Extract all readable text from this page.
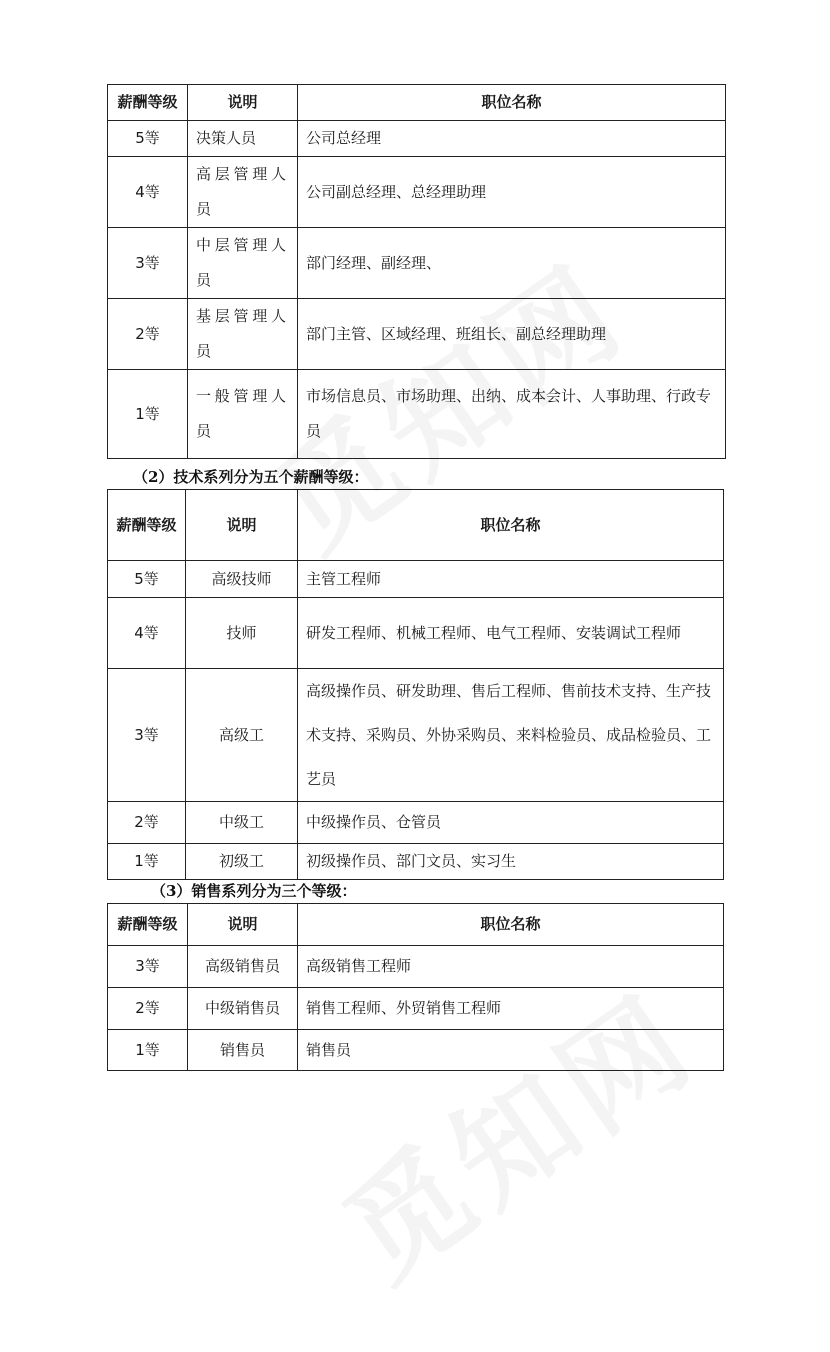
薪酬等级	说明	职位名称
5等	决策人员	公司总经理
4等	高层管理人员	公司副总经理、总经理助理
3等	中层管理人员	部门经理、副经理、
2等	基层管理人员	部门主管、区域经理、班组长、副总经理助理
1等	一般管理人员	市场信息员、市场助理、出纳、成本会计、人事助理、行政专员
（2）技术系列分为五个薪酬等级：
薪酬等级	说明	职位名称
5等	高级技师	主管工程师
4等	技师	研发工程师、机械工程师、电气工程师、安装调试工程师
3等	高级工	高级操作员、研发助理、售后工程师、售前技术支持、生产技术支持、采购员、外协采购员、来料检验员、成品检验员、工艺员
2等	中级工	中级操作员、仓管员
1等	初级工	初级操作员、部门文员、实习生
（3）销售系列分为三个等级：
薪酬等级	说明	职位名称
3等	高级销售员	高级销售工程师
2等	中级销售员	销售工程师、外贸销售工程师
1等	销售员	销售员
